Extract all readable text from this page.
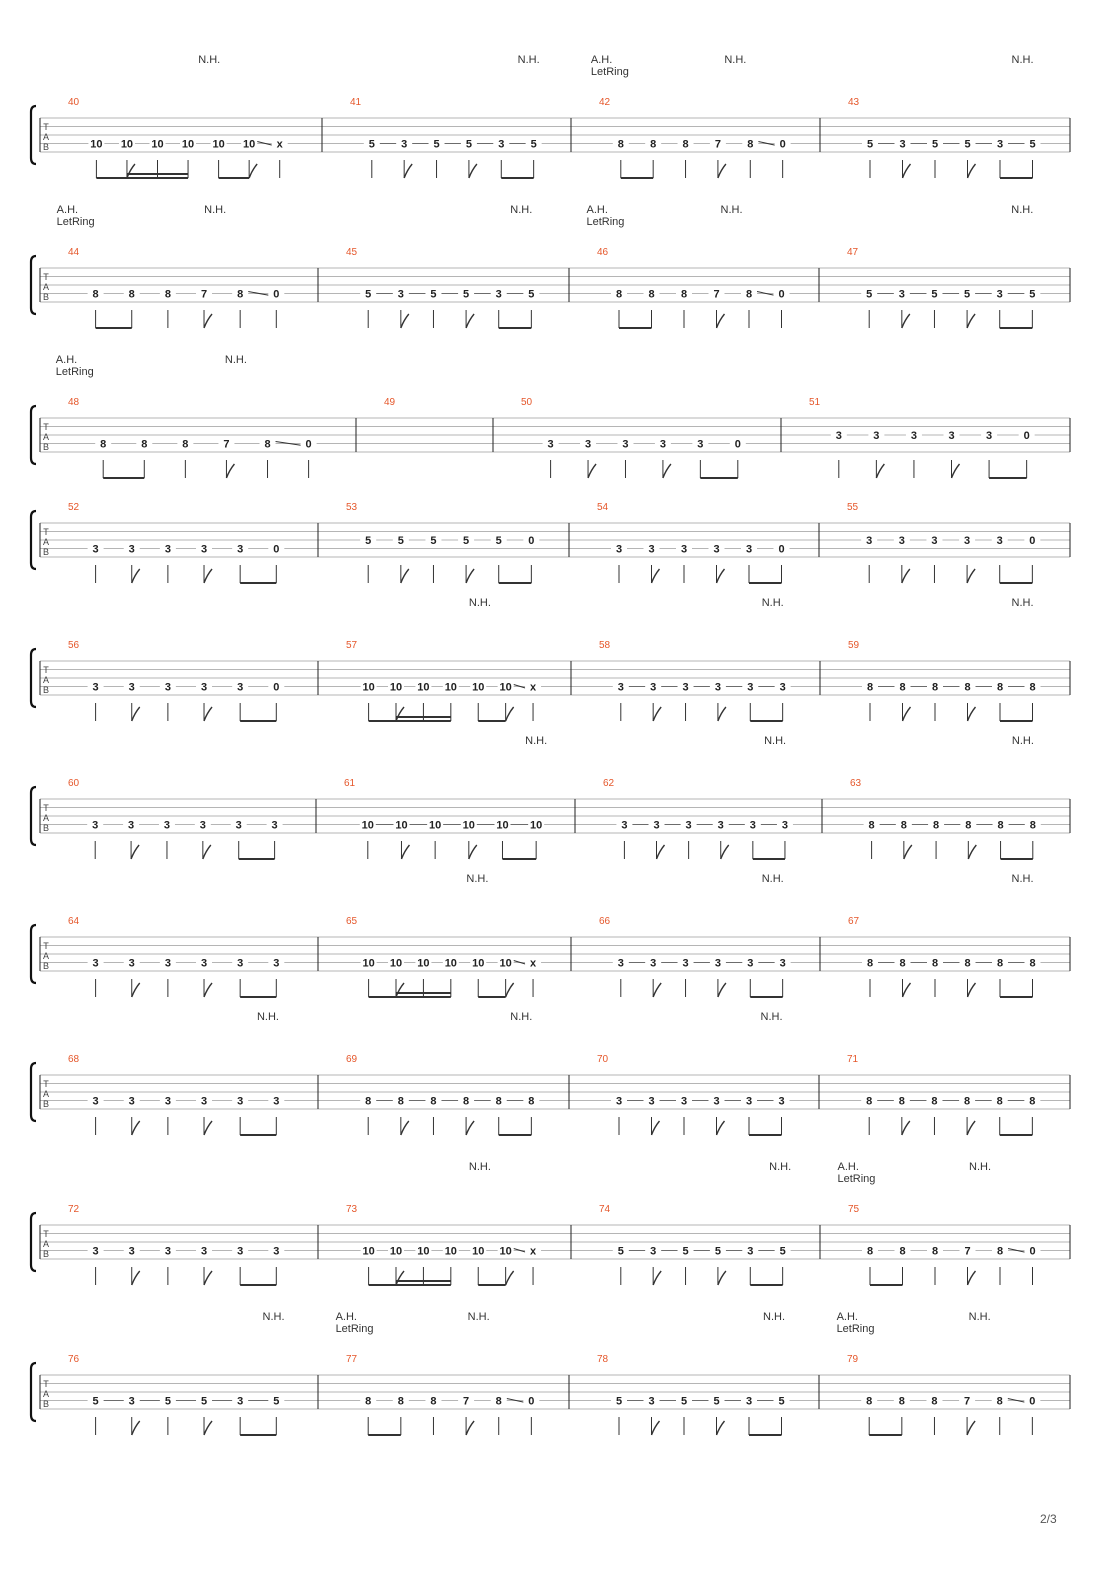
T
A
B
40
N.H.
10 10 10 10 10 10 x
41
N.H.
5 3 5 5 3 5
42
A.H.
LetRing
N.H.
8 8 8 7 8 0
43
N.H.
5 3 5 5 3 5
T
A
B
44
A.H.
LetRing
N.H.
8	8	8	7	8	0
45
N.H.
5 3 5 5 3 5
46
A.H.
LetRing
N.H.
8 8 8 7 8 0
47
N.H.
5 3 5 5 3 5
T
A
B
48
A.H.
LetRing
N.H.
8	8	8	7	8	0
49	50
3	3	3	3	3	0
51
3	3	3	3	3	0
T
A
B
52
3	3	3	3	3	0
53
5 5 5 5 5 0
54
3 3 3 3 3 0
55
3 3 3 3 3 0
T
A
B
56
3	3	3	3	3	0
57
N.H.
10 10 10 10 10 10 x
58
N.H.
3 3 3 3 3 3
59
N.H.
8 8 8 8 8 8
T
A
B
60
3	3	3	3	3	3
61
N.H.
10 10 10 10 10 10
62
N.H.
3 3 3 3 3 3
63
N.H.
8 8 8 8 8 8
T
A
B
64
3	3	3	3	3	3
65
N.H.
10 10 10 10 10 10 x
66
N.H.
3 3 3 3 3 3
67
N.H.
8 8 8 8 8 8
T
A
B
68
N.H.
3	3	3	3	3	3
69
N.H.
8 8 8 8 8 8
70
N.H.
3 3 3 3 3 3
71
8 8 8 8 8 8
T
A
B
72
3	3	3	3	3	3
73
N.H.
10 10 10 10 10 10 x
74
N.H.
5 3 5 5 3 5
75
A.H.
LetRing
N.H.
8 8 8 7 8 0
T
A
B
76
N.H.
5	3	5	5	3	5
77
A.H.
LetRing
N.H.
8 8 8 7 8 0
78
N.H.
5 3 5 5 3 5
79
A.H.
LetRing
N.H.
8 8 8 7 8 0
2/3
